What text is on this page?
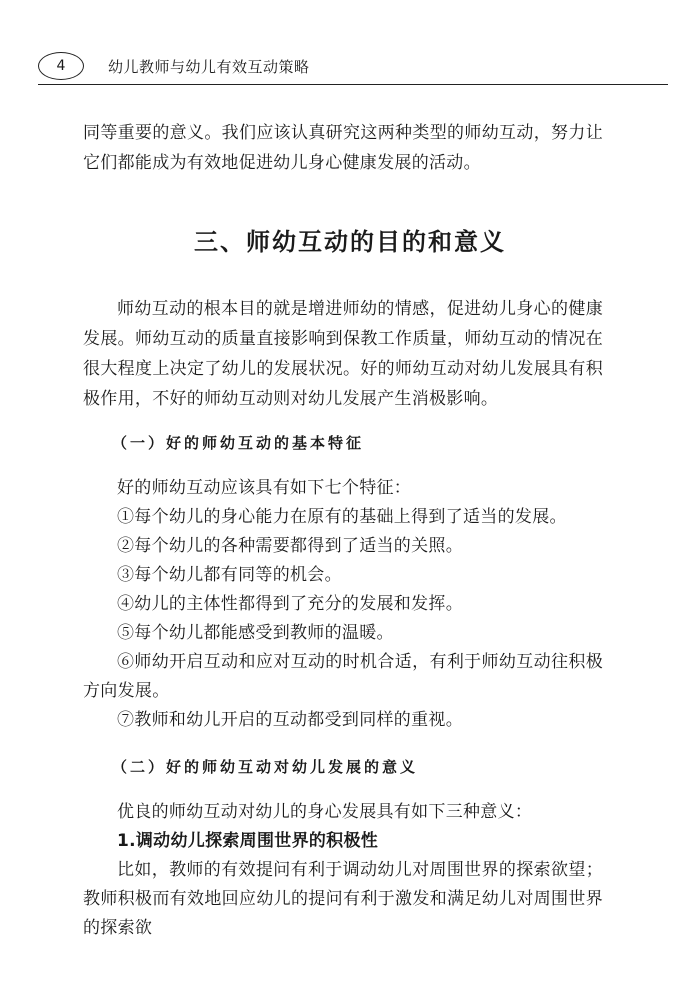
4	幼儿教师与幼儿有效互动策略
同等重要的意义。我们应该认真研究这两种类型的师幼互动，努力让它们都能成为有效地促进幼儿身心健康发展的活动。
三、师幼互动的目的和意义
师幼互动的根本目的就是增进师幼的情感，促进幼儿身心的健康发展。师幼互动的质量直接影响到保教工作质量，师幼互动的情况在很大程度上决定了幼儿的发展状况。好的师幼互动对幼儿发展具有积极作用，不好的师幼互动则对幼儿发展产生消极影响。
（一）好的师幼互动的基本特征
好的师幼互动应该具有如下七个特征：
①每个幼儿的身心能力在原有的基础上得到了适当的发展。
②每个幼儿的各种需要都得到了适当的关照。
③每个幼儿都有同等的机会。
④幼儿的主体性都得到了充分的发展和发挥。
⑤每个幼儿都能感受到教师的温暖。
⑥师幼开启互动和应对互动的时机合适，有利于师幼互动往积极方向发展。
⑦教师和幼儿开启的互动都受到同样的重视。
（二）好的师幼互动对幼儿发展的意义
优良的师幼互动对幼儿的身心发展具有如下三种意义：
1.调动幼儿探索周围世界的积极性
比如，教师的有效提问有利于调动幼儿对周围世界的探索欲望；教师积极而有效地回应幼儿的提问有利于激发和满足幼儿对周围世界的探索欲
